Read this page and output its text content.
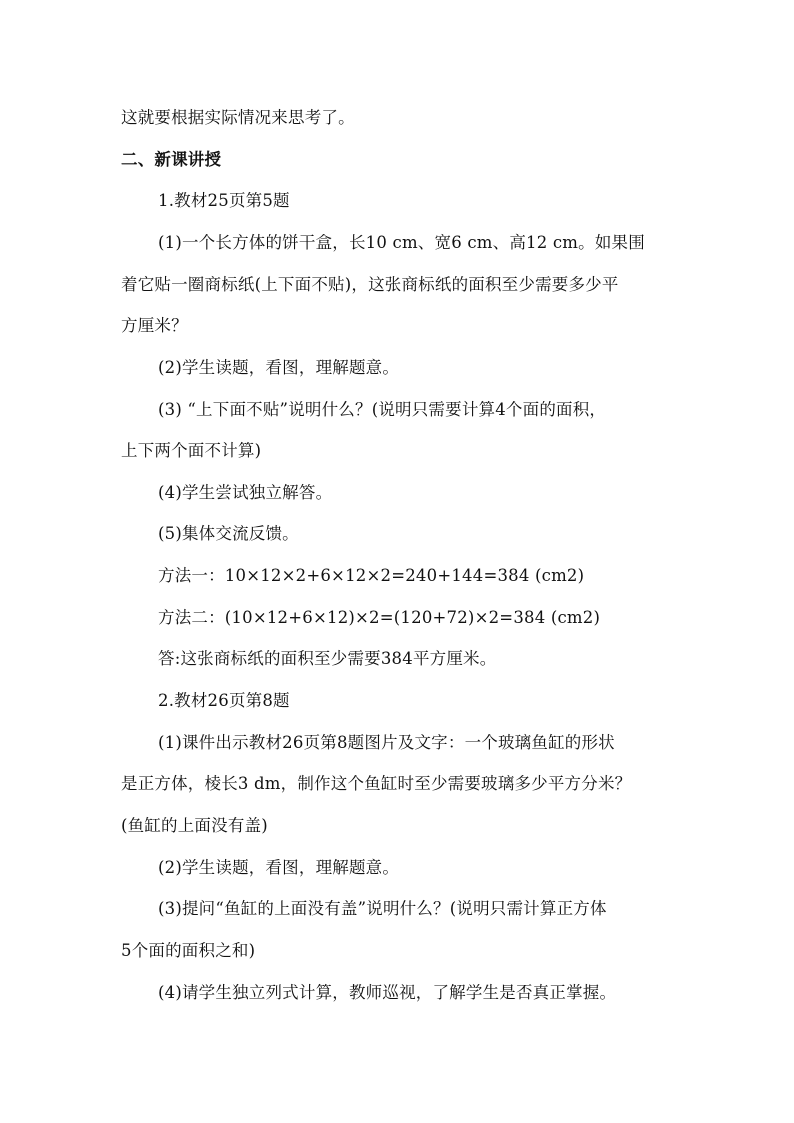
这就要根据实际情况来思考了。
二、新课讲授
1.教材25页第5题
(1)一个长方体的饼干盒，长10 cm、宽6 cm、高12 cm。如果围
着它贴一圈商标纸(上下面不贴)，这张商标纸的面积至少需要多少平
方厘米？
(2)学生读题，看图，理解题意。
(3) “上下面不贴”说明什么？(说明只需要计算4个面的面积，
上下两个面不计算)
(4)学生尝试独立解答。
(5)集体交流反馈。
方法一：10×12×2+6×12×2=240+144=384 (cm2)
方法二：(10×12+6×12)×2=(120+72)×2=384 (cm2)
答:这张商标纸的面积至少需要384平方厘米。
2.教材26页第8题
(1)课件出示教材26页第8题图片及文字：一个玻璃鱼缸的形状
是正方体，棱长3 dm，制作这个鱼缸时至少需要玻璃多少平方分米？
(鱼缸的上面没有盖)
(2)学生读题，看图，理解题意。
(3)提问“鱼缸的上面没有盖”说明什么？(说明只需计算正方体
5个面的面积之和)
(4)请学生独立列式计算，教师巡视，了解学生是否真正掌握。
